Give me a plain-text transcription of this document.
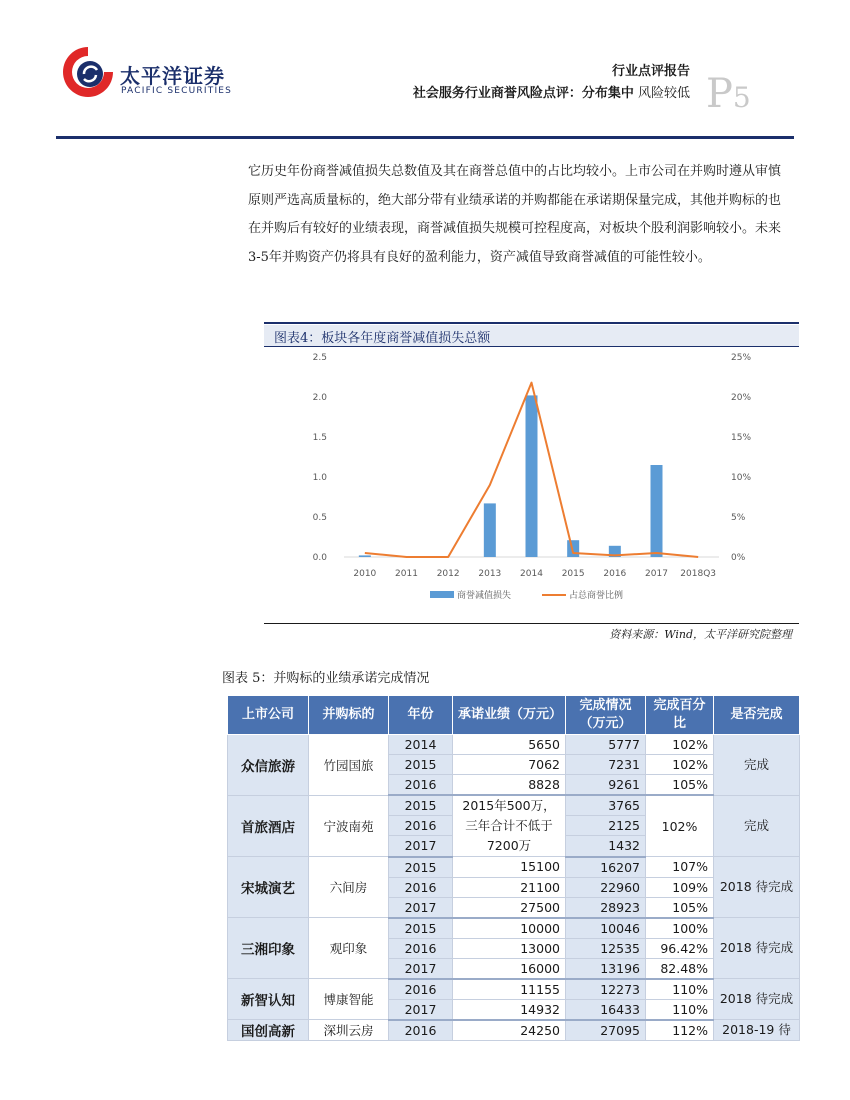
太平洋证券
PACIFIC SECURITIES
行业点评报告
社会服务行业商誉风险点评：分布集中 风险较低 P5
它历史年份商誉减值损失总数值及其在商誉总值中的占比均较小。上市公司在并购时遵从审慎原则严选高质量标的，绝大部分带有业绩承诺的并购都能在承诺期保量完成，其他并购标的也在并购后有较好的业绩表现，商誉减值损失规模可控程度高，对板块个股利润影响较小。未来3-5年并购资产仍将具有良好的盈利能力，资产减值导致商誉减值的可能性较小。
图表4：板块各年度商誉减值损失总额
0.0
0.5
1.0
1.5
2.0
2.5
0%
5%
10%
15%
20%
25%
2010 2011 2012 2013 2014 2015 2016 2017 2018Q3
商誉减值损失	占总商誉比例
资料来源：Wind，太平洋研究院整理
图表 5：并购标的业绩承诺完成情况
上市公司	并购标的	年份	承诺业绩（万元）	完成情况（万元）	完成百分比	是否完成
众信旅游	竹园国旅	2014	5650	5777	102%	完成
		2015	7062	7231	102%	
		2016	8828	9261	105%	
首旅酒店	宁波南苑	2015	2015年500万，三年合计不低于7200万	3765	102%	完成
		2016		2125		
		2017		1432		
宋城演艺	六间房	2015	15100	16207	107%	2018 待完成
		2016	21100	22960	109%	
		2017	27500	28923	105%	
三湘印象	观印象	2015	10000	10046	100%	2018 待完成
		2016	13000	12535	96.42%	
		2017	16000	13196	82.48%	
新智认知	博康智能	2016	11155	12273	110%	2018 待完成
		2017	14932	16433	110%	
国创高新	深圳云房	2016	24250	27095	112%	2018-19 待
